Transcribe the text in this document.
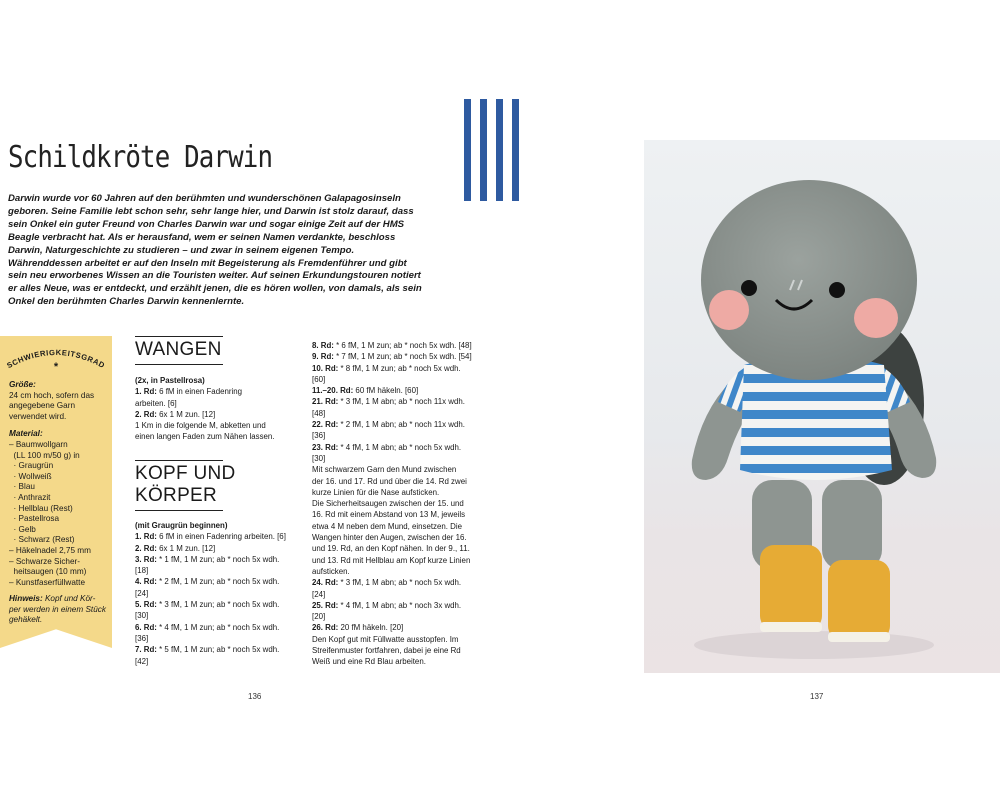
Schildkröte Darwin

Darwin wurde vor 60 Jahren auf den berühmten und wunderschönen Galapagosinseln geboren. Seine Familie lebt schon sehr, sehr lange hier, und Darwin ist stolz darauf, dass sein Onkel ein guter Freund von Charles Darwin war und sogar einige Zeit auf der HMS Beagle verbracht hat. Als er herausfand, wem er seinen Namen verdankte, beschloss Darwin, Naturgeschichte zu studieren – und zwar in seinem eigenen Tempo. Währenddessen arbeitet er auf den Inseln mit Begeisterung als Fremdenführer und gibt sein neu erworbenes Wissen an die Touristen weiter. Auf seinen Erkundungstouren notiert er alles Neue, was er entdeckt, und erzählt jenen, die es hören wollen, von damals, als sein Onkel den berühmten Charles Darwin kennenlernte.

SCHWIERIGKEITSGRAD
*
Größe:
24 cm hoch, sofern das angegebene Garn verwendet wird.
Material:
– Baumwollgarn
(LL 100 m/50 g) in
· Graugrün
· Wollweiß
· Blau
· Anthrazit
· Hellblau (Rest)
· Pastellrosa
· Gelb
· Schwarz (Rest)
– Häkelnadel 2,75 mm
– Schwarze Sicher-
heitsaugen (10 mm)
– Kunstfaserfüllwatte
Hinweis: Kopf und Kör-per werden in einem Stück gehäkelt.
WANGEN
(2x, in Pastellrosa)
1. Rd: 6 fM in einen Fadenring
arbeiten. [6]
2. Rd: 6x 1 M zun. [12]
1 Km in die folgende M, abketten und
einen langen Faden zum Nähen lassen.
KOPF UND
KÖRPER
(mit Graugrün beginnen)
1. Rd: 6 fM in einen Fadenring arbeiten. [6]
2. Rd: 6x 1 M zun. [12]
3. Rd: * 1 fM, 1 M zun; ab * noch 5x wdh.
[18]
4. Rd: * 2 fM, 1 M zun; ab * noch 5x wdh.
[24]
5. Rd: * 3 fM, 1 M zun; ab * noch 5x wdh.
[30]
6. Rd: * 4 fM, 1 M zun; ab * noch 5x wdh.
[36]
7. Rd: * 5 fM, 1 M zun; ab * noch 5x wdh.
[42]
8. Rd: * 6 fM, 1 M zun; ab * noch 5x wdh. [48]
9. Rd: * 7 fM, 1 M zun; ab * noch 5x wdh. [54]
10. Rd: * 8 fM, 1 M zun; ab * noch 5x wdh.
[60]
11.–20. Rd: 60 fM häkeln. [60]
21. Rd: * 3 fM, 1 M abn; ab * noch 11x wdh.
[48]
22. Rd: * 2 fM, 1 M abn; ab * noch 11x wdh.
[36]
23. Rd: * 4 fM, 1 M abn; ab * noch 5x wdh.
[30]
Mit schwarzem Garn den Mund zwischen
der 16. und 17. Rd und über die 14. Rd zwei
kurze Linien für die Nase aufsticken.
Die Sicherheitsaugen zwischen der 15. und
16. Rd mit einem Abstand von 13 M, jeweils
etwa 4 M neben dem Mund, einsetzen. Die
Wangen hinter den Augen, zwischen der 16.
und 19. Rd, an den Kopf nähen. In der 9., 11.
und 13. Rd mit Hellblau am Kopf kurze Linien
aufsticken.
24. Rd: * 3 fM, 1 M abn; ab * noch 5x wdh.
[24]
25. Rd: * 4 fM, 1 M abn; ab * noch 3x wdh.
[20]
26. Rd: 20 fM häkeln. [20]
Den Kopf gut mit Füllwatte ausstopfen. Im
Streifenmuster fortfahren, dabei je eine Rd
Weiß und eine Rd Blau arbeiten.
136	137
